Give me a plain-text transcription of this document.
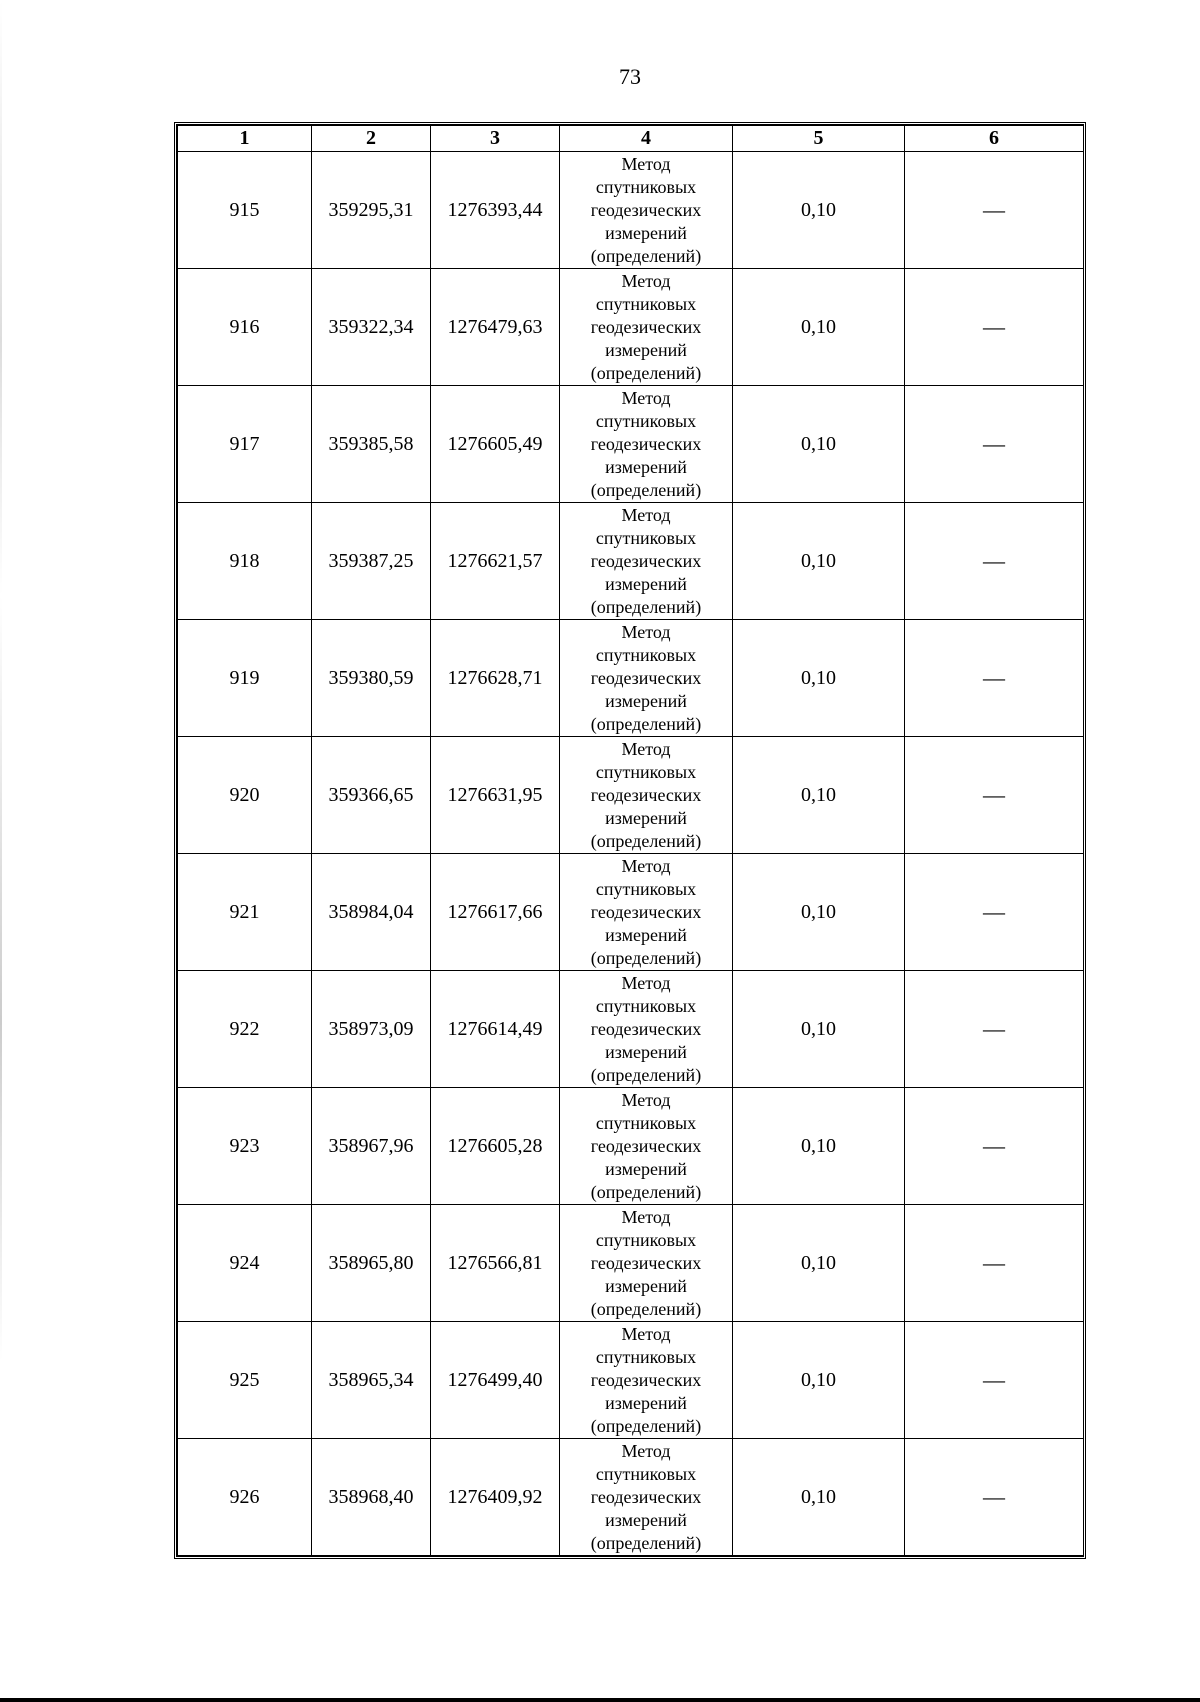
73
1	2	3	4	5	6
915	359295,31	1276393,44	Метод
спутниковых
геодезических
измерений
(определений)	0,10	—
916	359322,34	1276479,63	Метод
спутниковых
геодезических
измерений
(определений)	0,10	—
917	359385,58	1276605,49	Метод
спутниковых
геодезических
измерений
(определений)	0,10	—
918	359387,25	1276621,57	Метод
спутниковых
геодезических
измерений
(определений)	0,10	—
919	359380,59	1276628,71	Метод
спутниковых
геодезических
измерений
(определений)	0,10	—
920	359366,65	1276631,95	Метод
спутниковых
геодезических
измерений
(определений)	0,10	—
921	358984,04	1276617,66	Метод
спутниковых
геодезических
измерений
(определений)	0,10	—
922	358973,09	1276614,49	Метод
спутниковых
геодезических
измерений
(определений)	0,10	—
923	358967,96	1276605,28	Метод
спутниковых
геодезических
измерений
(определений)	0,10	—
924	358965,80	1276566,81	Метод
спутниковых
геодезических
измерений
(определений)	0,10	—
925	358965,34	1276499,40	Метод
спутниковых
геодезических
измерений
(определений)	0,10	—
926	358968,40	1276409,92	Метод
спутниковых
геодезических
измерений
(определений)	0,10	—
